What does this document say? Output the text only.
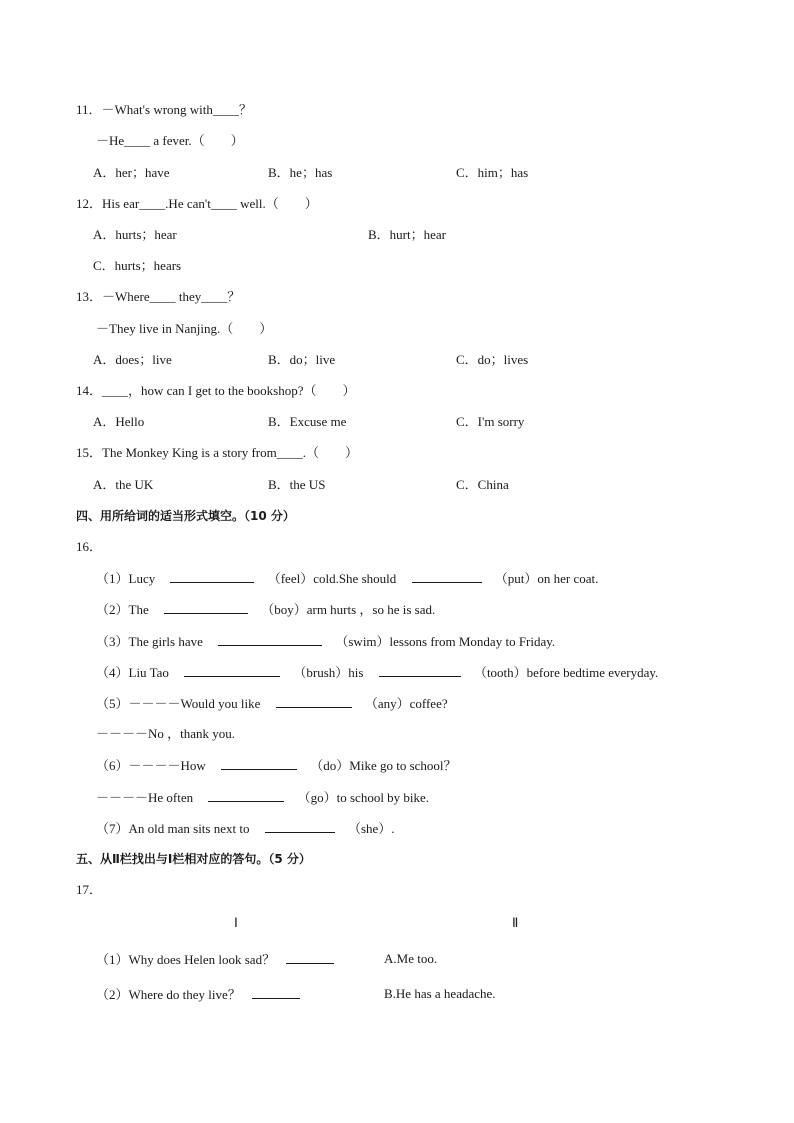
11．－What's wrong with____？
－He____ a fever.（　　）
A．her；have	B．he；has	C．him；has
12．His ear____.He can't____ well.（　　）
A．hurts；hear	B．hurt；hear
C．hurts；hears
13．－Where____ they____？
－They live in Nanjing.（　　）
A．does；live	B．do；live	C．do；lives
14．____，how can I get to the bookshop?（　　）
A．Hello	B．Excuse me	C．I'm sorry
15．The Monkey King is a story from____.（　　）
A．the UK	B．the US	C．China
四、用所给词的适当形式填空。（10 分）
16．
（1）Lucy	（feel）cold.She should	（put）on her coat.
（2）The	（boy）arm hurts ，so he is sad.
（3）The girls have	（swim）lessons from Monday to Friday.
（4）Liu Tao	（brush）his	（tooth）before bedtime everyday.
（5）－－－－Would you like	（any）coffee?
－－－－No ，thank you.
（6）－－－－How	（do）Mike go to school？
－－－－He often	（go）to school by bike.
（7）An old man sits next to	（she）.
五、从Ⅱ栏找出与Ⅰ栏相对应的答句。（5 分）
17．
Ⅰ	Ⅱ
（1）Why does Helen look sad？	A.Me too.
（2）Where do they live？	B.He has a headache.
